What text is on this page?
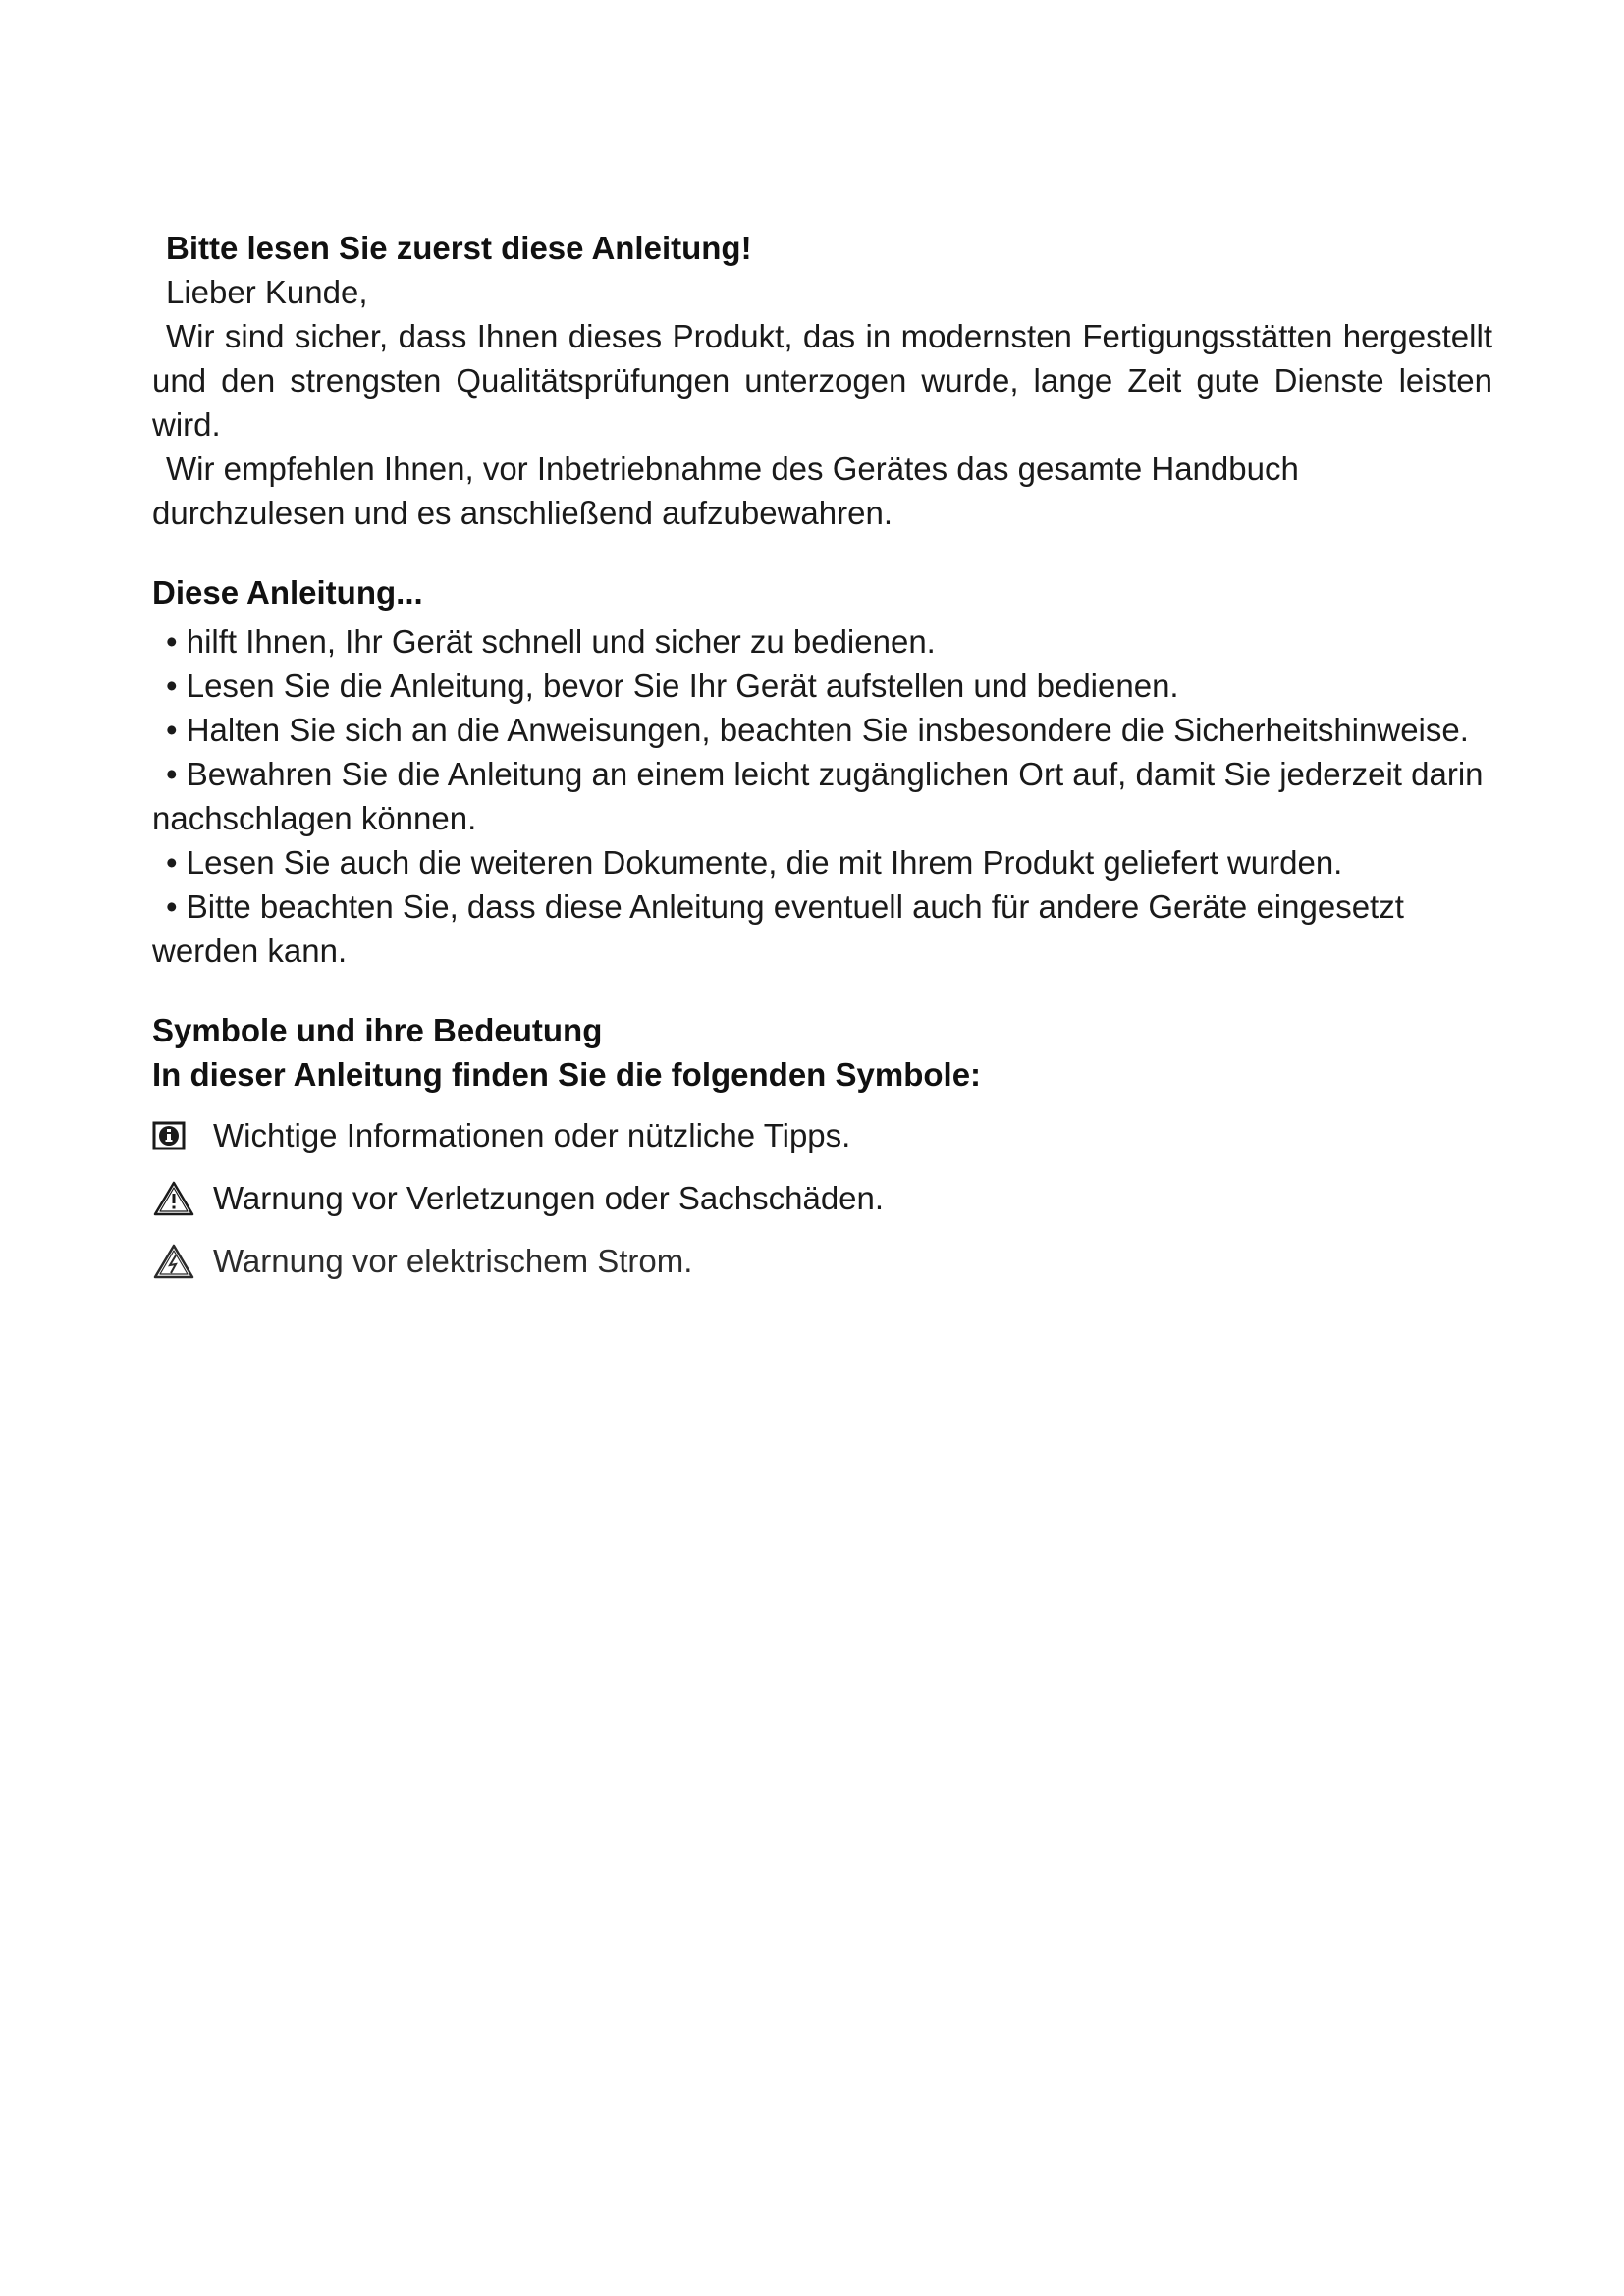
Bitte lesen Sie zuerst diese Anleitung!

Lieber Kunde,

Wir sind sicher, dass Ihnen dieses Produkt, das in modernsten Fertigungsstätten hergestellt und den strengsten Qualitätsprüfungen unterzogen wurde, lange Zeit gute Dienste leisten wird.

Wir empfehlen Ihnen, vor Inbetriebnahme des Gerätes das gesamte Handbuch durchzulesen und es anschließend aufzubewahren.

Diese Anleitung...

• hilft Ihnen, Ihr Gerät schnell und sicher zu bedienen.

• Lesen Sie die Anleitung, bevor Sie Ihr Gerät aufstellen und bedienen.

• Halten Sie sich an die Anweisungen, beachten Sie insbesondere die Sicherheitshinweise.

• Bewahren Sie die Anleitung an einem leicht zugänglichen Ort auf, damit Sie jederzeit darin nachschlagen können.

• Lesen Sie auch die weiteren Dokumente, die mit Ihrem Produkt geliefert wurden.

• Bitte beachten Sie, dass diese Anleitung eventuell auch für andere Geräte eingesetzt werden kann.

Symbole und ihre Bedeutung

In dieser Anleitung finden Sie die folgenden Symbole:

Wichtige Informationen oder nützliche Tipps.
Warnung vor Verletzungen oder Sachschäden.
Warnung vor elektrischem Strom.
